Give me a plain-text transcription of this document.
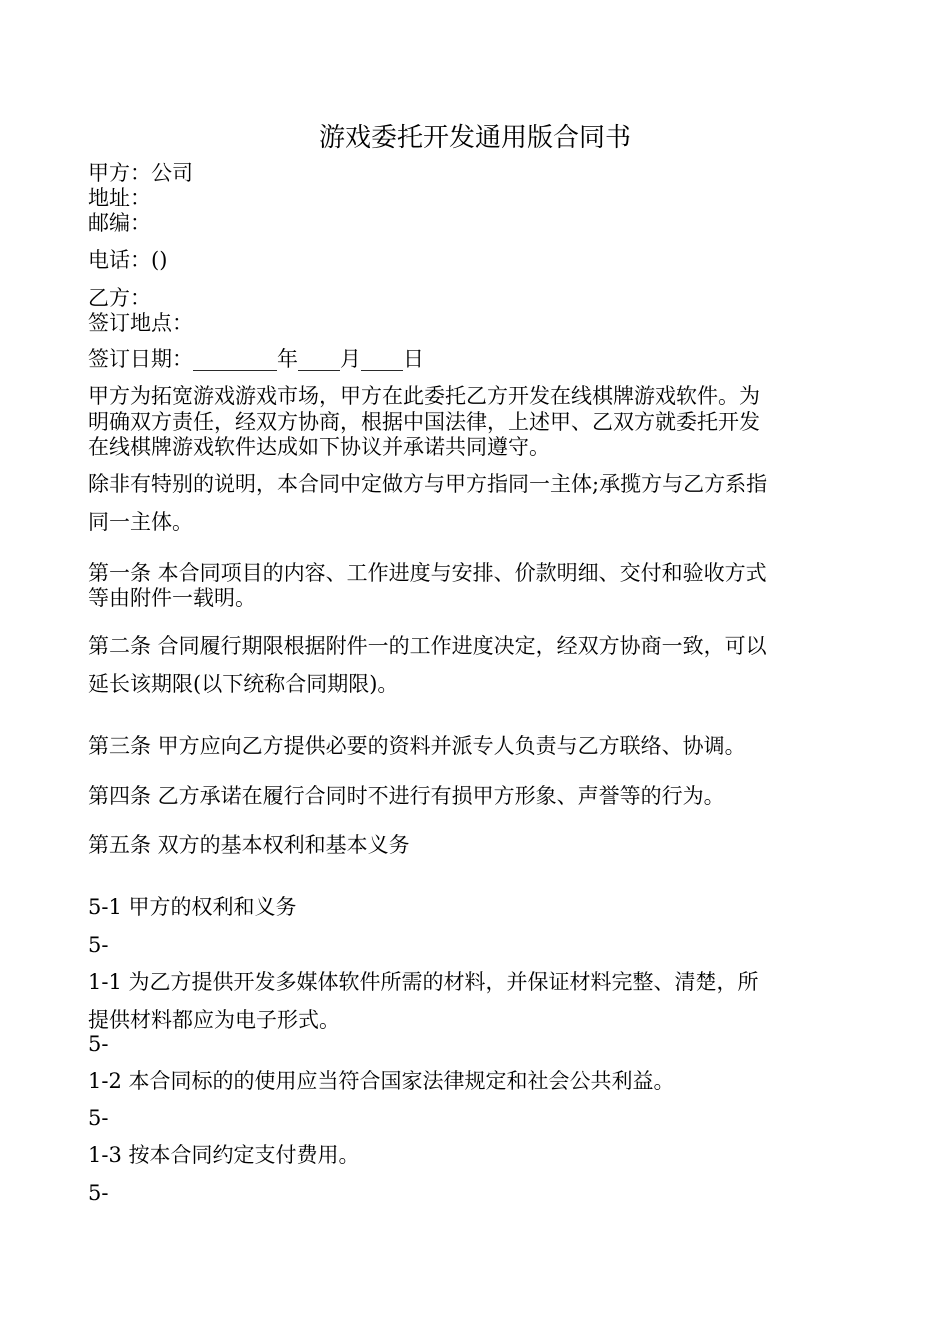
游戏委托开发通用版合同书
甲方：公司
地址：
邮编：
电话：()
乙方：
签订地点：
签订日期：________年____月____日
甲方为拓宽游戏游戏市场，甲方在此委托乙方开发在线棋牌游戏软件。为
明确双方责任，经双方协商，根据中国法律，上述甲、乙双方就委托开发
在线棋牌游戏软件达成如下协议并承诺共同遵守。
除非有特别的说明，本合同中定做方与甲方指同一主体;承揽方与乙方系指
同一主体。
第一条 本合同项目的内容、工作进度与安排、价款明细、交付和验收方式
等由附件一载明。
第二条 合同履行期限根据附件一的工作进度决定，经双方协商一致，可以
延长该期限(以下统称合同期限)。
第三条 甲方应向乙方提供必要的资料并派专人负责与乙方联络、协调。
第四条 乙方承诺在履行合同时不进行有损甲方形象、声誉等的行为。
第五条 双方的基本权利和基本义务
5-1 甲方的权利和义务
5-
1-1 为乙方提供开发多媒体软件所需的材料，并保证材料完整、清楚，所
提供材料都应为电子形式。
5-
1-2 本合同标的的使用应当符合国家法律规定和社会公共利益。
5-
1-3 按本合同约定支付费用。
5-
